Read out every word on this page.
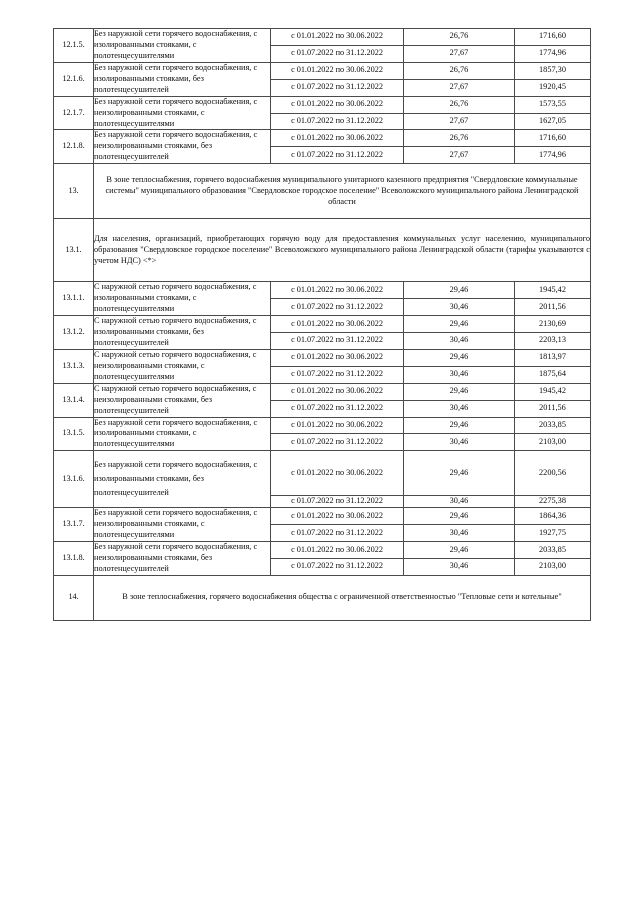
12.1.5.	Без наружной сети горячего водоснабжения, с изолированными стояками, с полотенцесушителями	с 01.01.2022 по 30.06.2022	26,76	1716,60
		с 01.07.2022 по 31.12.2022	27,67	1774,96
12.1.6.	Без наружной сети горячего водоснабжения, с изолированными стояками, без полотенцесушителей	с 01.01.2022 по 30.06.2022	26,76	1857,30
		с 01.07.2022 по 31.12.2022	27,67	1920,45
12.1.7.	Без наружной сети горячего водоснабжения, с неизолированными стояками, с полотенцесушителями	с 01.01.2022 по 30.06.2022	26,76	1573,55
		с 01.07.2022 по 31.12.2022	27,67	1627,05
12.1.8.	Без наружной сети горячего водоснабжения, с неизолированными стояками, без полотенцесушителей	с 01.01.2022 по 30.06.2022	26,76	1716,60
		с 01.07.2022 по 31.12.2022	27,67	1774,96
13.	В зоне теплоснабжения, горячего водоснабжения муниципального унитарного казенного предприятия "Свердловские коммунальные системы" муниципального образования "Свердловское городское поселение" Всеволожского муниципального района Ленинградской области			
13.1.	Для населения, организаций, приобретающих горячую воду для предоставления коммунальных услуг населению, муниципального образования "Свердловское городское поселение" Всеволожского муниципального района Ленинградской области (тарифы указываются с учетом НДС) <*>			
13.1.1.	С наружной сетью горячего водоснабжения, с изолированными стояками, с полотенцесушителями	с 01.01.2022 по 30.06.2022	29,46	1945,42
		с 01.07.2022 по 31.12.2022	30,46	2011,56
13.1.2.	С наружной сетью горячего водоснабжения, с изолированными стояками, без полотенцесушителей	с 01.01.2022 по 30.06.2022	29,46	2130,69
		с 01.07.2022 по 31.12.2022	30,46	2203,13
13.1.3.	С наружной сетью горячего водоснабжения, с неизолированными стояками, с полотенцесушителями	с 01.01.2022 по 30.06.2022	29,46	1813,97
		с 01.07.2022 по 31.12.2022	30,46	1875,64
13.1.4.	С наружной сетью горячего водоснабжения, с неизолированными стояками, без полотенцесушителей	с 01.01.2022 по 30.06.2022	29,46	1945,42
		с 01.07.2022 по 31.12.2022	30,46	2011,56
13.1.5.	Без наружной сети горячего водоснабжения, с изолированными стояками, с полотенцесушителями	с 01.01.2022 по 30.06.2022	29,46	2033,85
		с 01.07.2022 по 31.12.2022	30,46	2103,00
13.1.6.	Без наружной сети горячего водоснабжения, с изолированными стояками, без полотенцесушителей	с 01.01.2022 по 30.06.2022	29,46	2200,56
		с 01.07.2022 по 31.12.2022	30,46	2275,38
13.1.7.	Без наружной сети горячего водоснабжения, с неизолированными стояками, с полотенцесушителями	с 01.01.2022 по 30.06.2022	29,46	1864,36
		с 01.07.2022 по 31.12.2022	30,46	1927,75
13.1.8.	Без наружной сети горячего водоснабжения, с неизолированными стояками, без полотенцесушителей	с 01.01.2022 по 30.06.2022	29,46	2033,85
		с 01.07.2022 по 31.12.2022	30,46	2103,00
14.	В зоне теплоснабжения, горячего водоснабжения общества с ограниченной ответственностью "Тепловые сети и котельные"			
